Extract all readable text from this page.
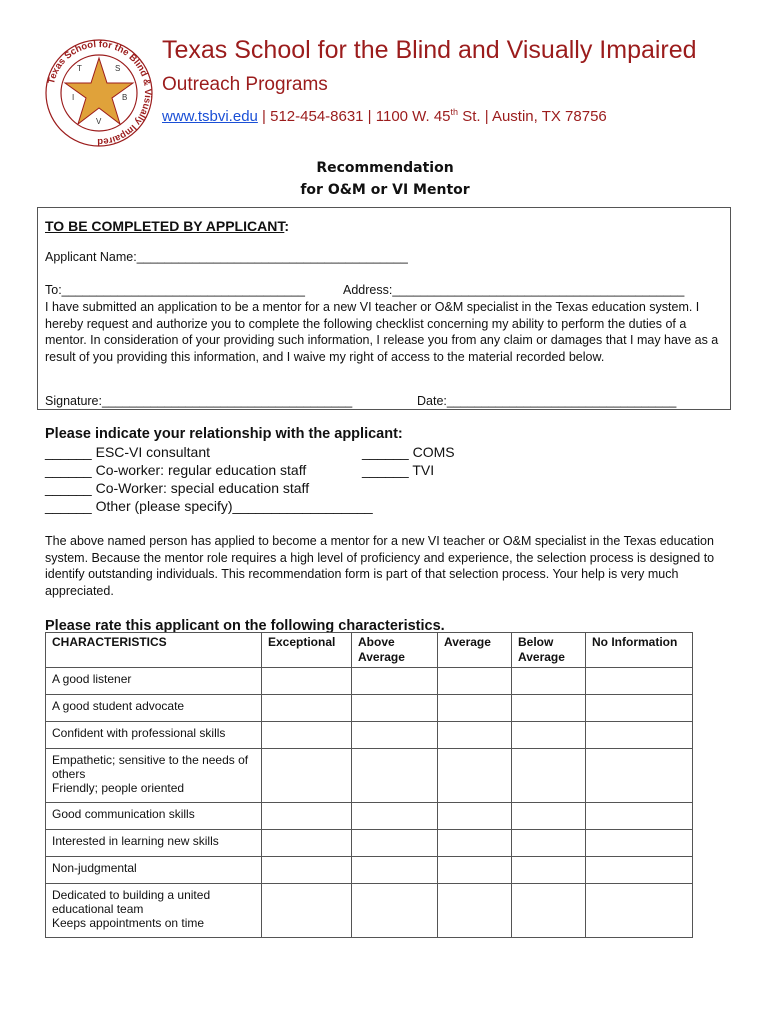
Texas School for the Blind & Visually Impaired
T	S
B
V
I
Texas School for the Blind and Visually Impaired
Outreach Programs
www.tsbvi.edu | 512-454-8631 | 1100 W. 45th St. | Austin, TX 78756
Recommendation
for O&M or VI Mentor
TO BE COMPLETED BY APPLICANT:
Applicant Name:_______________________________________
To:___________________________________	Address:__________________________________________
I have submitted an application to be a mentor for a new VI teacher or O&M specialist in the Texas education system. I hereby request and authorize you to complete the following checklist concerning my ability to perform the duties of a mentor. In consideration of your providing such information, I release you from any claim or damages that I may have as a result of you providing this information, and I waive my right of access to the material recorded below.
Signature:____________________________________	Date:_________________________________
Please indicate your relationship with the applicant:
______ ESC-VI consultant
______ Co-worker: regular education staff
______ Co-Worker: special education staff
______ Other (please specify)__________________
______ COMS
______ TVI
The above named person has applied to become a mentor for a new VI teacher or O&M specialist in the Texas education system. Because the mentor role requires a high level of proficiency and experience, the selection process is designed to identify outstanding individuals. This recommendation form is part of that selection process. Your help is very much appreciated.
Please rate this applicant on the following characteristics.
CHARACTERISTICS	Exceptional	Above Average	Average	Below Average	No Information
A good listener					
A good student advocate					
Confident with professional skills					
Empathetic; sensitive to the needs of others
Friendly; people oriented					
Good communication skills					
Interested in learning new skills					
Non-judgmental					
Dedicated to building a united educational team
Keeps appointments on time					
